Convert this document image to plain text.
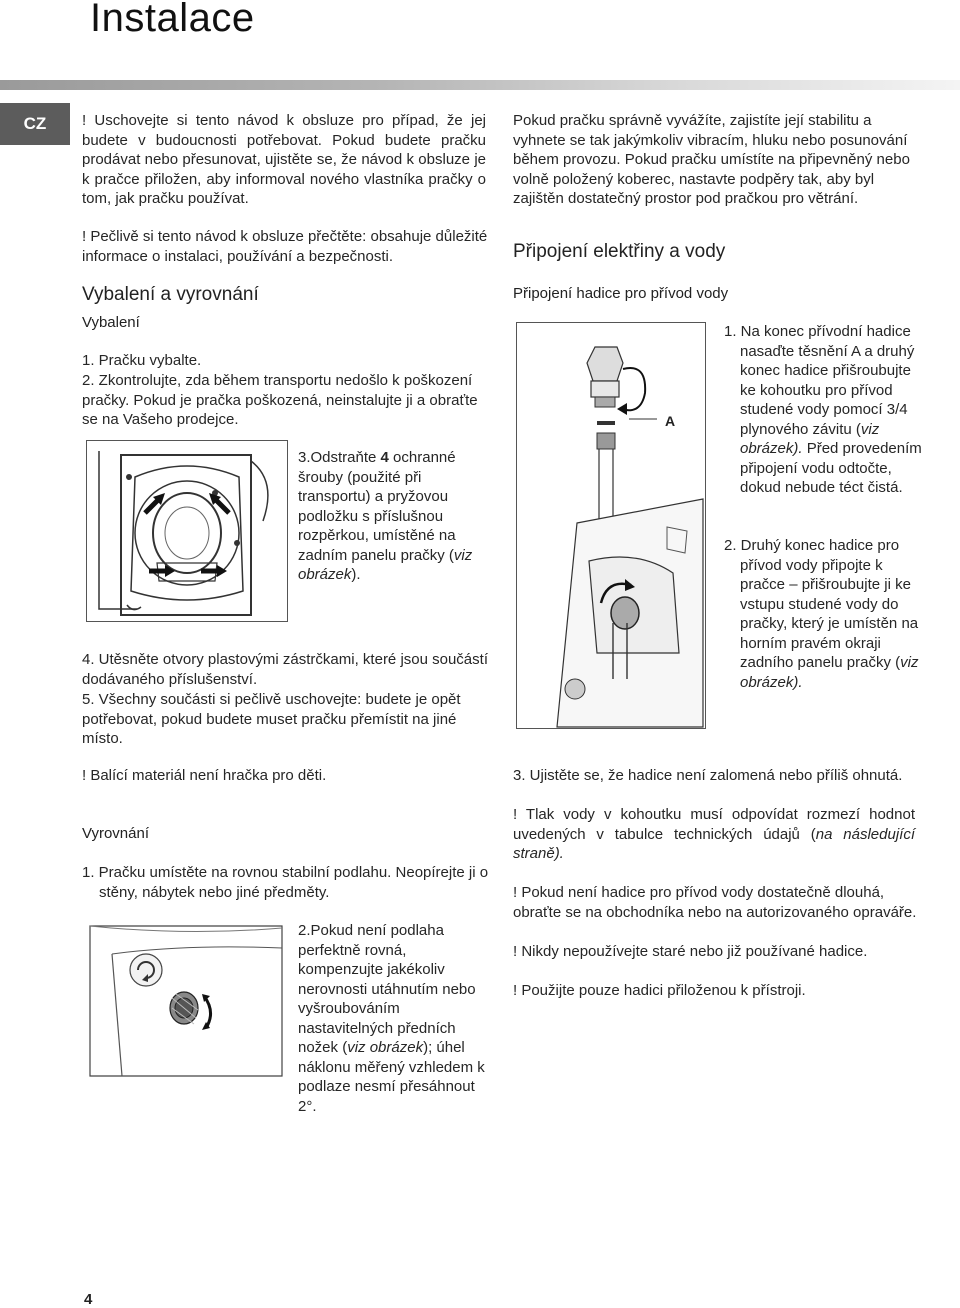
Instalace
CZ	! Uschovejte si tento návod k obsluze pro případ, že jej budete v budoucnosti potřebovat. Pokud budete pračku prodávat nebo přesunovat, ujistěte se, že návod k obsluze je k pračce přiložen, aby informoval nového vlastníka pračky o tom, jak pračku používat.

! Pečlivě si tento návod k obsluze přečtěte: obsahuje důležité informace o instalaci, používání a bezpečnosti.

Vybalení a vyrovnání
Vybalení

1. Pračku vybalte.

2. Zkontrolujte, zda během transportu nedošlo k poškození pračky. Pokud je pračka poškozená, neinstalujte ji a obraťte se na Vašeho prodejce.

3.Odstraňte 4 ochranné šrouby (použité při transportu) a pryžovou podložku s příslušnou rozpěrkou, umístěné na zadním panelu pračky (viz obrázek).

4. Utěsněte otvory plastovými zástrčkami, které jsou součástí dodávaného příslušenství.

5. Všechny součásti si pečlivě uschovejte: budete je opět potřebovat, pokud budete muset pračku přemístit na jiné místo.

! Balící materiál není hračka pro děti.

Vyrovnání

1. Pračku umístěte na rovnou stabilní podlahu. Neopírejte ji o stěny, nábytek nebo jiné předměty.

2.Pokud není podlaha perfektně rovná, kompenzujte jakékoliv nerovnosti utáhnutím nebo vyšroubováním nastavitelných předních nožek (viz obrázek); úhel náklonu měřený vzhledem k podlaze nesmí přesáhnout 2°.

Pokud pračku správně vyvážíte, zajistíte její stabilitu a vyhnete se tak jakýmkoliv vibracím, hluku nebo posunování během provozu. Pokud pračku umístíte na připevněný nebo volně položený koberec, nastavte podpěry tak, aby byl zajištěn dostatečný prostor pod pračkou pro větrání.

Připojení elektřiny a vody
Připojení hadice pro přívod vody
A

1. Na konec přívodní hadice nasaďte těsnění A a druhý konec hadice přišroubujte ke kohoutku pro přívod studené vody pomocí 3/4 plynového závitu (viz obrázek). Před provedením připojení vodu odtočte, dokud nebude téct čistá.

2. Druhý konec hadice pro přívod vody připojte k pračce – přišroubujte ji ke vstupu studené vody do pračky, který je umístěn na horním pravém okraji zadního panelu pračky (viz obrázek).

3. Ujistěte se, že hadice není zalomená nebo příliš ohnutá.

! Tlak vody v kohoutku musí odpovídat rozmezí hodnot uvedených v tabulce technických údajů (na následující straně).

! Pokud není hadice pro přívod vody dostatečně dlouhá, obraťte se na obchodníka nebo na autorizovaného opraváře.

! Nikdy nepoužívejte staré nebo již používané hadice.

! Použijte pouze hadici přiloženou k přístroji.

4
